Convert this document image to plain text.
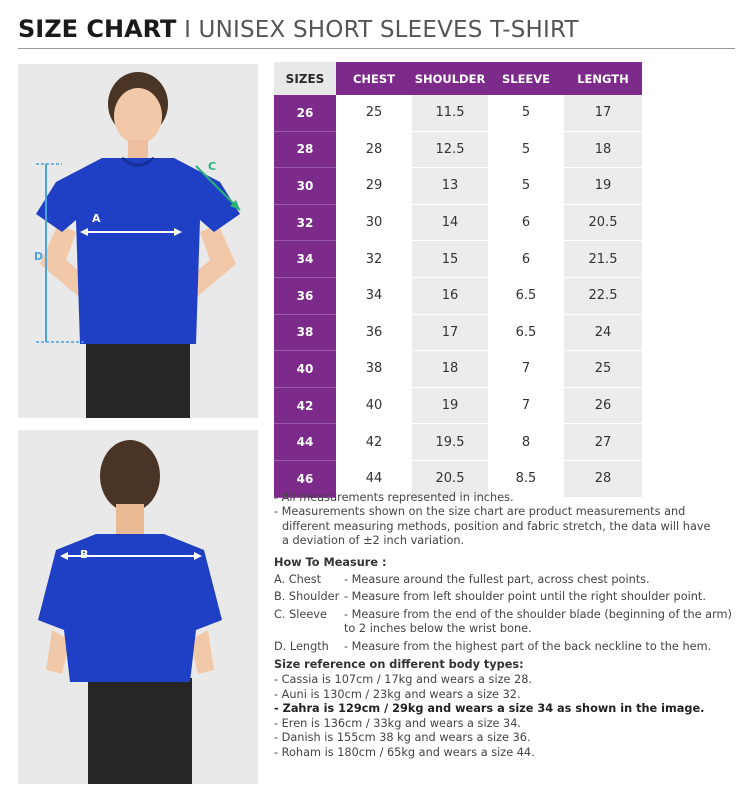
SIZE CHART I UNISEX SHORT SLEEVES T-SHIRT
A
C
D
B
SIZES	CHEST	SHOULDER	SLEEVE	LENGTH
26	25	11.5	5	17
28	28	12.5	5	18
30	29	13	5	19
32	30	14	6	20.5
34	32	15	6	21.5
36	34	16	6.5	22.5
38	36	17	6.5	24
40	38	18	7	25
42	40	19	7	26
44	42	19.5	8	27
46	44	20.5	8.5	28

- All measurements represented in inches.

- Measurements shown on the size chart are product measurements and

different measuring methods, position and fabric stretch, the data will have

a deviation of ±2 inch variation.

How To Measure :

A. Chest	- Measure around the fullest part, across chest points.
B. Shoulder - Measure from left shoulder point until the right shoulder point.
C. Sleeve	- Measure from the end of the shoulder blade (beginning of the arm) to 2 inches below the wrist bone.
D. Length	- Measure from the highest part of the back neckline to the hem.

Size reference on different body types:

- Cassia is 107cm / 17kg and wears a size 28.

- Auni is 130cm / 23kg and wears a size 32.

- Zahra is 129cm / 29kg and wears a size 34 as shown in the image.

- Eren is 136cm / 33kg and wears a size 34.

- Danish is 155cm 38 kg and wears a size 36.

- Roham is 180cm / 65kg and wears a size 44.
